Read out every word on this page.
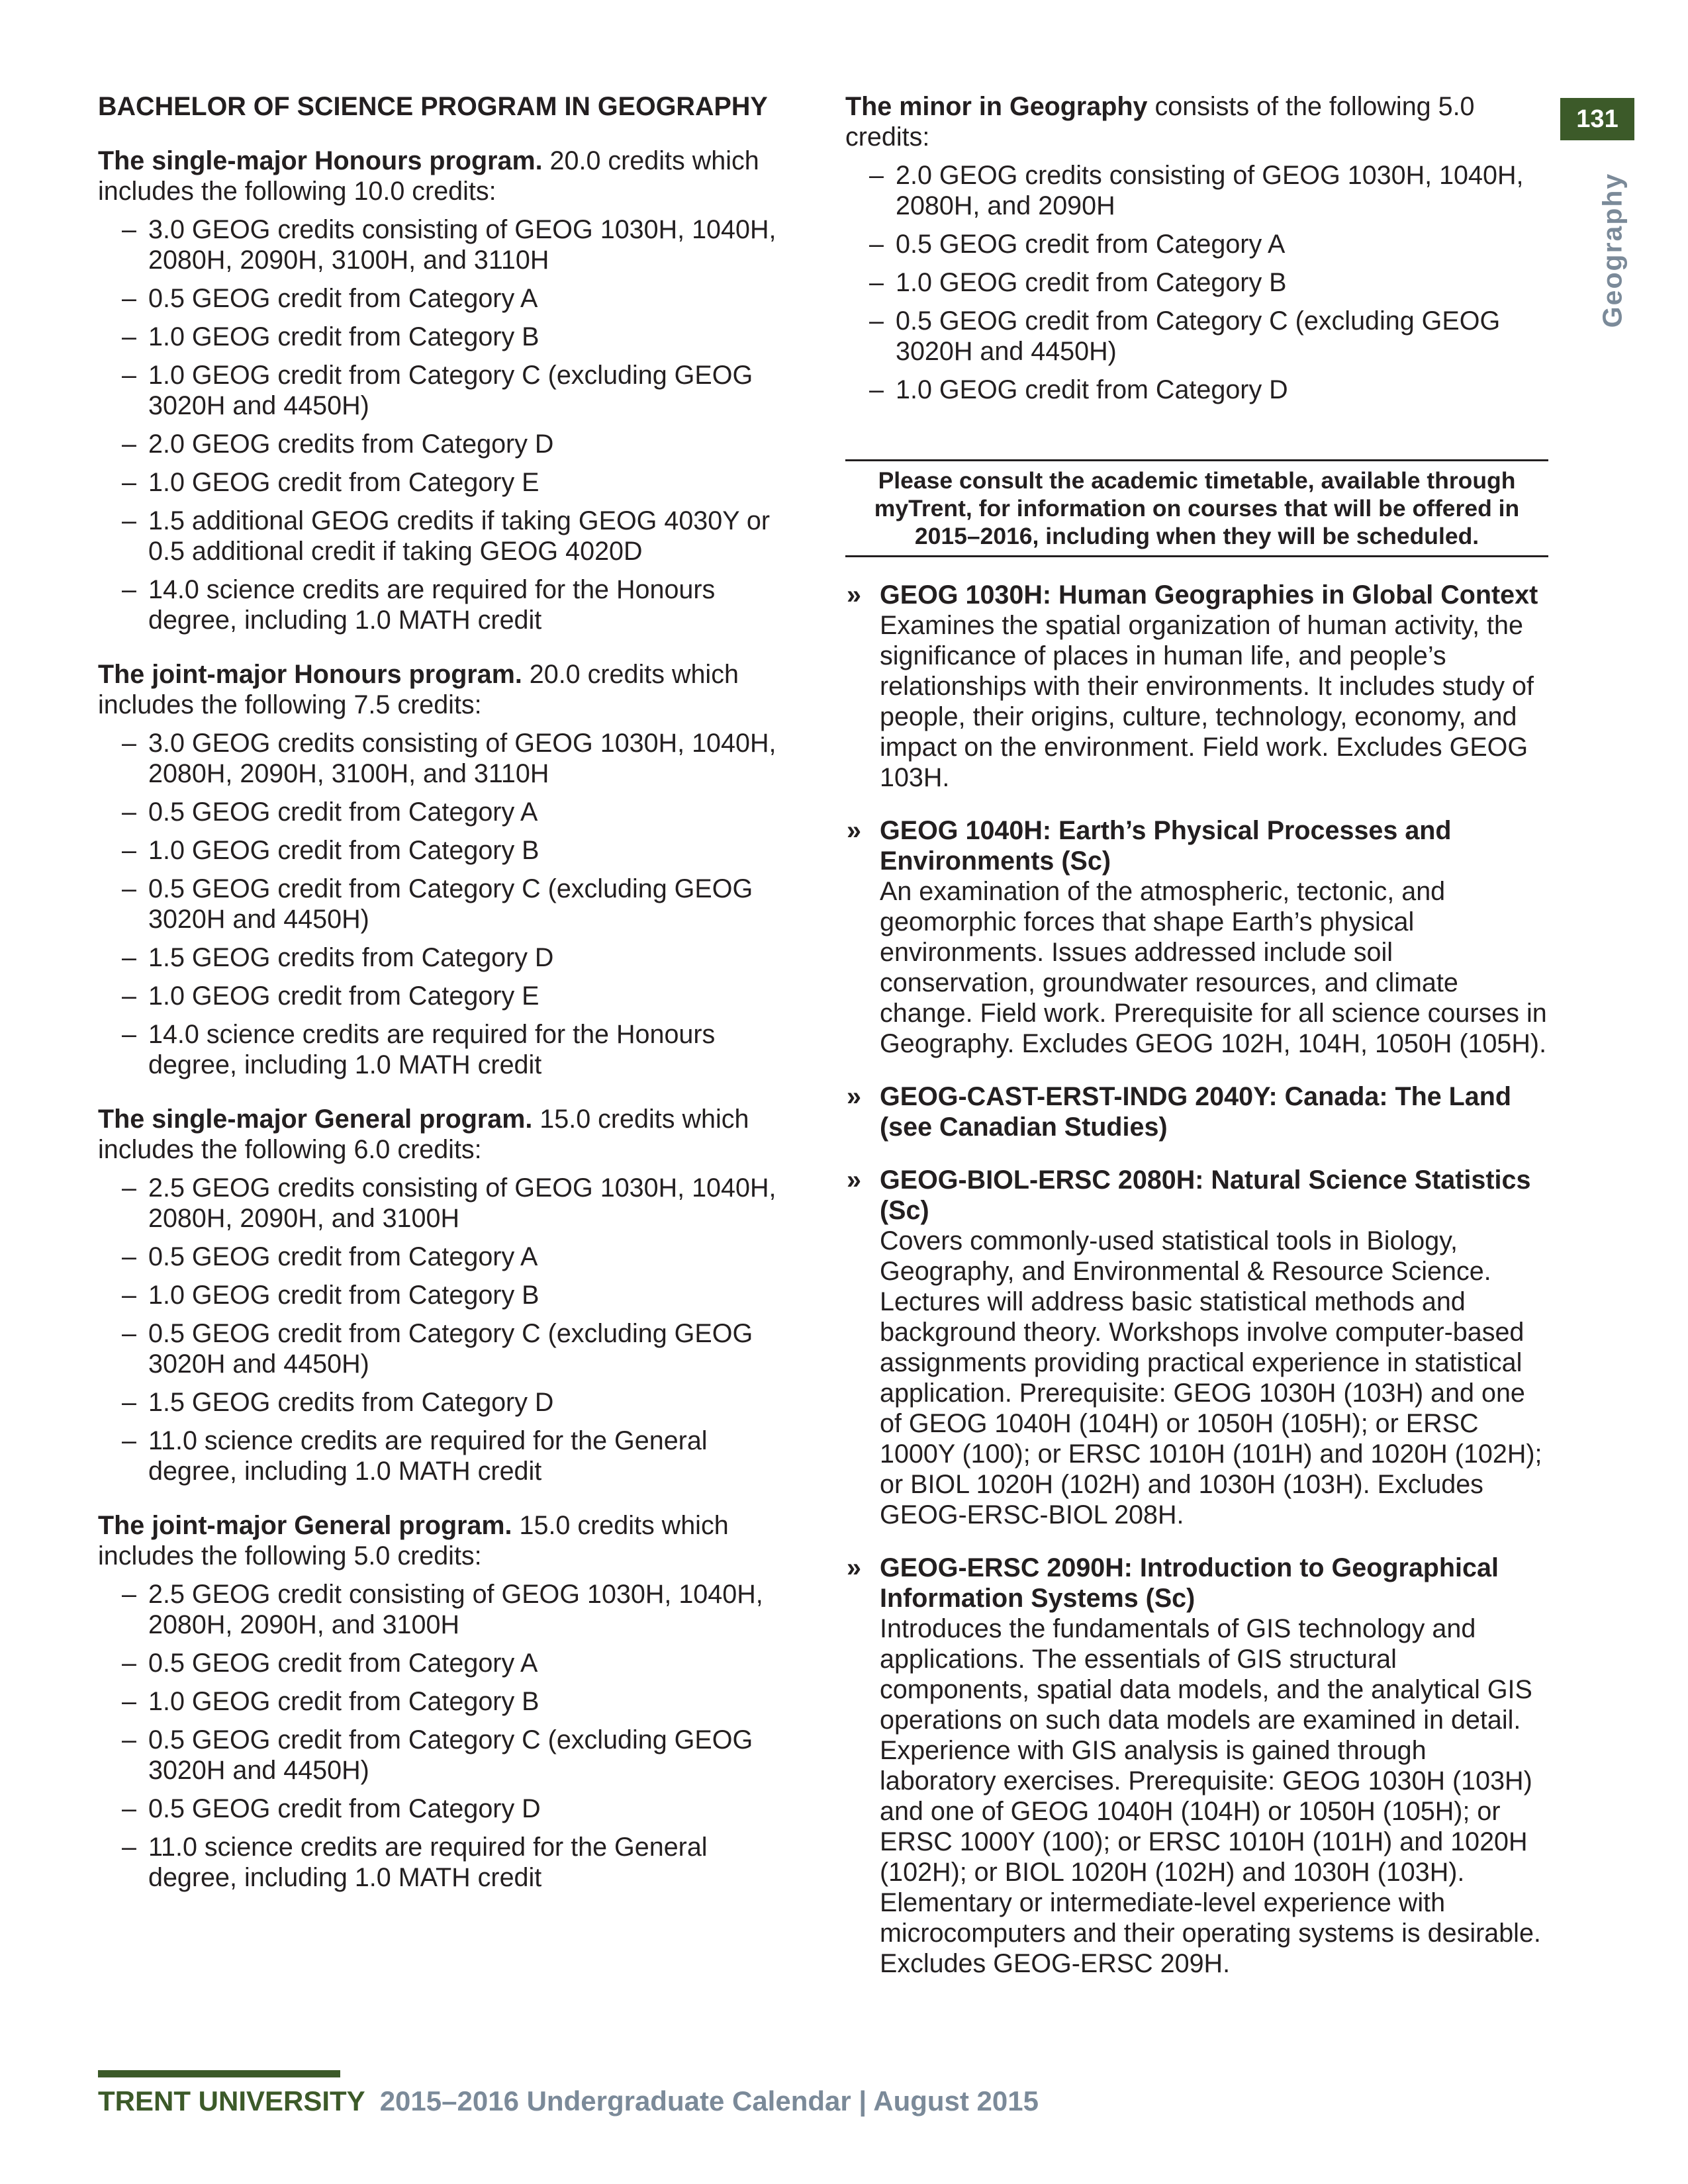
BACHELOR OF SCIENCE PROGRAM IN GEOGRAPHY

The single-major Honours program. 20.0 credits which includes the following 10.0 credits:

– 3.0 GEOG credits consisting of GEOG 1030H, 1040H, 2080H, 2090H, 3100H, and 3110H
– 0.5 GEOG credit from Category A
– 1.0 GEOG credit from Category B
– 1.0 GEOG credit from Category C (excluding GEOG 3020H and 4450H)
– 2.0 GEOG credits from Category D
– 1.0 GEOG credit from Category E
– 1.5 additional GEOG credits if taking GEOG 4030Y or 0.5 additional credit if taking GEOG 4020D
– 14.0 science credits are required for the Honours degree, including 1.0 MATH credit

The joint-major Honours program. 20.0 credits which includes the following 7.5 credits:

– 3.0 GEOG credits consisting of GEOG 1030H, 1040H, 2080H, 2090H, 3100H, and 3110H
– 0.5 GEOG credit from Category A
– 1.0 GEOG credit from Category B
– 0.5 GEOG credit from Category C (excluding GEOG 3020H and 4450H)
– 1.5 GEOG credits from Category D
– 1.0 GEOG credit from Category E
– 14.0 science credits are required for the Honours degree, including 1.0 MATH credit

The single-major General program. 15.0 credits which includes the following 6.0 credits:

– 2.5 GEOG credits consisting of GEOG 1030H, 1040H, 2080H, 2090H, and 3100H
– 0.5 GEOG credit from Category A
– 1.0 GEOG credit from Category B
– 0.5 GEOG credit from Category C (excluding GEOG 3020H and 4450H)
– 1.5 GEOG credits from Category D
– 11.0 science credits are required for the General degree, including 1.0 MATH credit

The joint-major General program. 15.0 credits which includes the following 5.0 credits:

– 2.5 GEOG credit consisting of GEOG 1030H, 1040H, 2080H, 2090H, and 3100H
– 0.5 GEOG credit from Category A
– 1.0 GEOG credit from Category B
– 0.5 GEOG credit from Category C (excluding GEOG 3020H and 4450H)
– 0.5 GEOG credit from Category D
– 11.0 science credits are required for the General degree, including 1.0 MATH credit

The minor in Geography consists of the following 5.0 credits:

– 2.0 GEOG credits consisting of GEOG 1030H, 1040H, 2080H, and 2090H
– 0.5 GEOG credit from Category A
– 1.0 GEOG credit from Category B
– 0.5 GEOG credit from Category C (excluding GEOG 3020H and 4450H)
– 1.0 GEOG credit from Category D
Please consult the academic timetable, available through myTrent, for information on courses that will be offered in 2015–2016, including when they will be scheduled.
» GEOG 1030H: Human Geographies in Global Context
Examines the spatial organization of human activity, the significance of places in human life, and people’s relationships with their environments. It includes study of people, their origins, culture, technology, economy, and impact on the environment. Field work. Excludes GEOG 103H.
» GEOG 1040H: Earth’s Physical Processes and Environments (Sc)
An examination of the atmospheric, tectonic, and geomorphic forces that shape Earth’s physical environments. Issues addressed include soil conservation, groundwater resources, and climate change. Field work. Prerequisite for all science courses in Geography. Excludes GEOG 102H, 104H, 1050H (105H).
» GEOG-CAST-ERST-INDG 2040Y: Canada: The Land (see Canadian Studies)
» GEOG-BIOL-ERSC 2080H: Natural Science Statistics (Sc)
Covers commonly-used statistical tools in Biology, Geography, and Environmental & Resource Science. Lectures will address basic statistical methods and background theory. Workshops involve computer-based assignments providing practical experience in statistical application. Prerequisite: GEOG 1030H (103H) and one of GEOG 1040H (104H) or 1050H (105H); or ERSC 1000Y (100); or ERSC 1010H (101H) and 1020H (102H); or BIOL 1020H (102H) and 1030H (103H). Excludes GEOG-ERSC-BIOL 208H.
» GEOG-ERSC 2090H: Introduction to Geographical Information Systems (Sc)
Introduces the fundamentals of GIS technology and applications. The essentials of GIS structural components, spatial data models, and the analytical GIS operations on such data models are examined in detail. Experience with GIS analysis is gained through laboratory exercises. Prerequisite: GEOG 1030H (103H) and one of GEOG 1040H (104H) or 1050H (105H); or ERSC 1000Y (100); or ERSC 1010H (101H) and 1020H (102H); or BIOL 1020H (102H) and 1030H (103H). Elementary or intermediate-level experience with microcomputers and their operating systems is desirable. Excludes GEOG-ERSC 209H.
131
Geography
TRENT UNIVERSITY 2015–2016 Undergraduate Calendar | August 2015
